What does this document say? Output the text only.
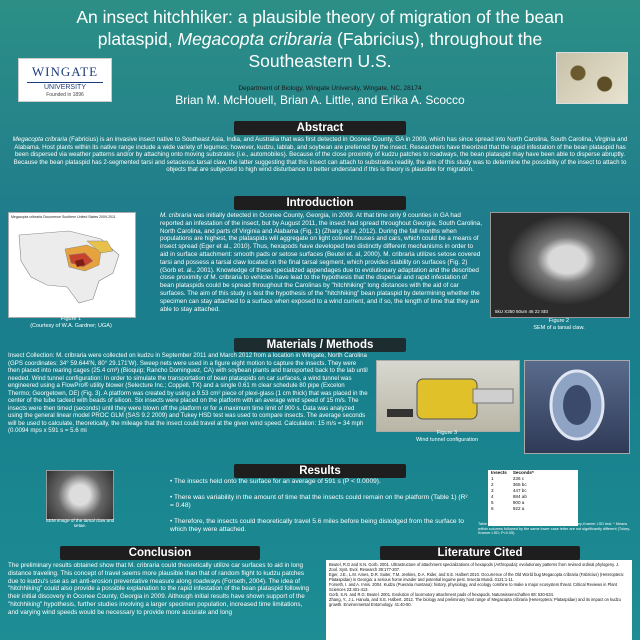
An insect hitchhiker: a plausible theory of migration of the bean
plataspid, Megacopta cribraria (Fabricius), throughout the
Southeastern U.S.
WINGATE
UNIVERSITY
Founded in 1896
Department of Biology, Wingate University, Wingate, NC, 28174
Brian M. McHouell, Brian A. Little, and Erika A. Scocco
Abstract
Megacopta cribraria (Fabricius) is an invasive insect native to Southeast Asia, India, and Australia that was first detected in Oconee County, GA in 2009, which has since spread into North Carolina, South Carolina, Virginia and Alabama. Host plants within its native range include a wide variety of legumes; however, kudzu, lablab, and soybean are preferred by the insect. Researchers have theorized that the rapid infestation of the bean plataspid has been dispersed via weather patterns and/or by attaching onto moving substrates (i.e., automobiles). Because of the close proximity of kudzu patches to roadways, the bean plataspid may have been able to disperse abruptly. Because the bean plataspid has 2-segmented tarsi and setaceous tarsal claw, the latter suggesting that this insect can attach to substrates readily, the aim of this study was to determine the possibility of the insect to attach to objects that are subjected to high wind disturbance to better understand if this is theory is plausible for migration.
Introduction
Megacopta cribraria Occurrence Southern United States 2009-2011
Figure 1
(Courtesy of W.A. Gardner; UGA)
M. cribraria was initially detected in Oconee County, Georgia, in 2009. At that time only 9 counties in GA had reported an infestation of the insect, but by August 2011, the insect had spread throughout Georgia, South Carolina, North Carolina, and parts of Virginia and Alabama (Fig. 1) (Zhang et al, 2012). During the fall months when populations are highest, the plataspids will aggregate on light colored houses and cars, which could be a means of insect spread (Eger et al., 2010). Thus, hexapods have developed two distinctly different mechanisms in order to aid in surface attachment: smooth pads or setose surfaces (Beutel et. al, 2000). M. cribraria utilizes setose covered tarsi and possess a tarsal claw located on the final tarsal segment, which provides stability on surfaces (Fig. 2) (Gorb et. al., 2001). Knowledge of these specialized appendages due to evolutionary adaptation and the described close proximity of M. cribraria to vehicles have lead to the hypothesis that the dispersal and rapid infestation of bean plataspids could be spread throughout the Carolinas by "hitchhiking" long distances with the aid of car surfaces. The aim of this study is test the hypothesis of the "hitchhiking" bean plataspid by determining whether the specimen can stay attached to a surface when exposed to a wind current, and if so, the length of time that they are able to stay attached.	5kU X350 50um 46 22 SEI
Figure 2
SEM of a tarsal claw.
Materials / Methods
Insect Collection: M. cribraria were collected on kudzu in September 2011 and March 2012 from a location in Wingate, North Carolina (GPS coordinates: 34° 59.644'N, 80° 29.171'W). Sweep nets were used in a figure eight motion to capture the insects. They were then placed into rearing cages (25.4 cm³) (Bioquip; Rancho Dominguez, CA) with soybean plants and transported back to the lab until needed. Wind tunnel configuration: In order to simulate the transportation of bean plataspids on car surfaces, a wind tunnel was engineered using a FlowPro® utility blower (Selecture Inc.; Coppell, TX) and a single 0.61 m clear schedule 80 pipe (Excelon Thermo; Georgetown, DE) (Fig. 3). A platform was created by using a 9.53 cm² piece of plexi-glass (1 cm thick) that was placed in the center of the tube tacked with beads of silicon. Six insects were placed on the platform with an average wind speed of 15 m/s. The insects were then timed (seconds) until they were blown off the platform or for a maximum time limit of 900 s. Data was analyzed using the general linear model PROC GLM (SAS 9.2 2009) and Tukey HSD test was used to compare insects. The average seconds will be used to calculate, theoretically, the mileage that the insect could travel at the given wind speed. Calculation: 15 m/s = 34 mph (0.0094 mps x 591 s = 5.6 mi	Figure 3
Wind tunnel configuration
Results
SEM image of the tarsal claw and setae.

• The insects held onto the surface for an average of 591 s (P < 0.0009).

• There was variability in the amount of time that the insects could remain on the platform (Table 1) (R² = 0.48)

• Therefore, the insects could theoretically travel 5.6 miles before being dislodged from the surface to which they were attached.

Insects	Seconds*
1	236 c
2	365 bc
3	447 bc
4	684 ab
5	900 a
6	922 a
Table 1. Statistical analysis for each insect tested using Tukey-Kramer LSD test. * Means within columns followed by the same lower case letter are not significantly different (Tukey-Kramer LSD; P<0.05).
Conclusion
The preliminary results obtained show that M. cribraria could theoretically utilize car surfaces to aid in long distance traveling. This concept of travel seems more plausible than that of random flight to kudzu patches due to kudzu's use as an anti-erosion preventative measure along roadways (Forseth, 2004). The idea of "hitchhiking" could also provide a possible explanation to the rapid infestation of the bean plataspid following their initial discovery in Oconee County, Georgia in 2009. Although initial results have shown support of the "hitchhiking" hypothesis, further studies involving a larger specimen population, increased time limitations, and varying wind speeds would be necessary to provide more accurate and long
Literature Cited
Beutel, R.G and S.N. Gorb. 2001. Ultrastructure of attachment specializations of hexapods (Arthropoda): evolutionary patterns from revised ordinal phylogeny. J. Zool. Syst. Evol. Research 39:177-207.
Eger, J.E., L.M. Ames, D.R. Suiter, T.M. Jenkins, D.A. Rider, and S.E. Halbert 2010. Occurrence of the Old World bug Megacopta cribraria (Fabricius) (Heteroptera: Plataspidae) in Georgia: a serious home invader and potential legume pest. Insecta Mundi. 0121:1-11.
Forseth, I. and A. Innis. 2004. Kudzu (Pueraria montana): history, physiology, and ecology combine to make a major ecosystem threat. Critical Reviews in Plant Sciences 23:401-413.
Gorb, S.N. and R.G. Beutel. 2001. Evolution of locomotory attachment pads of hexapods. Naturwissenschaften 88: 530-534.
Zhang, Y., J.L. Hanula, and S.E. Halbert. 2012. The biology and preliminary host range of Megacopta cribraria (Heteroptera: Plataspidae) and its impact on kudzu growth. Environmental Entomology. 41:40-50.
